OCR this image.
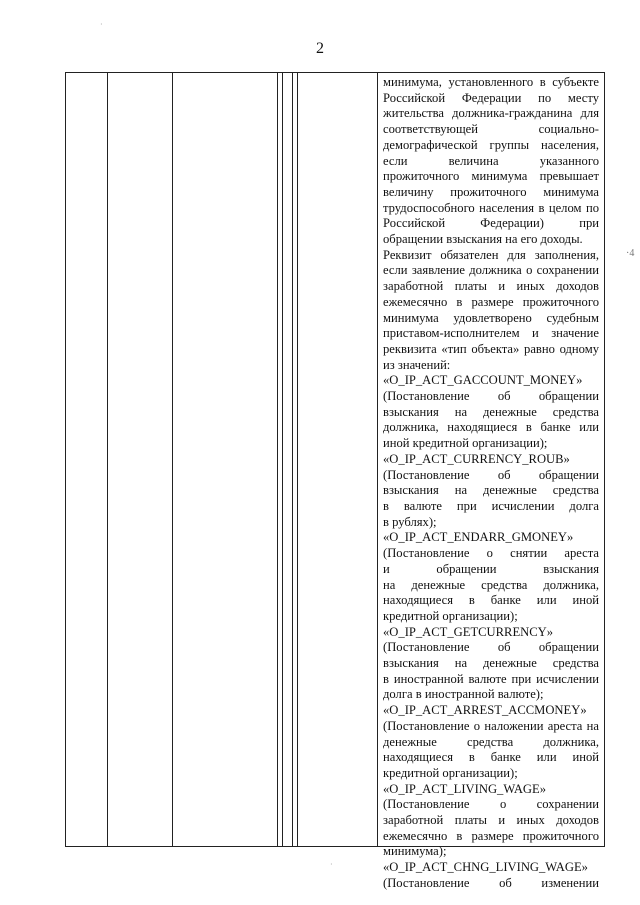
2

минимума, установленного в субъекте

Российской Федерации по месту

жительства должника-гражданина для

соответствующей социально-

демографической группы населения,

если величина указанного

прожиточного минимума превышает

величину прожиточного минимума

трудоспособного населения в целом по

Российской Федерации) при

обращении взыскания на его доходы.

Реквизит обязателен для заполнения,

если заявление должника о сохранении

заработной платы и иных доходов

ежемесячно в размере прожиточного

минимума удовлетворено судебным

приставом-исполнителем и значение

реквизита «тип объекта» равно одному

из значений:

«O_IP_ACT_GACCOUNT_MONEY»

(Постановление об обращении

взыскания на денежные средства

должника, находящиеся в банке или

иной кредитной организации);

«O_IP_ACT_CURRENCY_ROUB»

(Постановление об обращении

взыскания на денежные средства

в валюте при исчислении долга

в рублях);

«O_IP_ACT_ENDARR_GMONEY»

(Постановление о снятии ареста

и обращении взыскания

на денежные средства должника,

находящиеся в банке или иной

кредитной организации);

«O_IP_ACT_GETCURRENCY»

(Постановление об обращении

взыскания на денежные средства

в иностранной валюте при исчислении

долга в иностранной валюте);

«O_IP_ACT_ARREST_ACCMONEY»

(Постановление о наложении ареста на

денежные средства должника,

находящиеся в банке или иной

кредитной организации);

«O_IP_ACT_LIVING_WAGE»

(Постановление о сохранении

заработной платы и иных доходов

ежемесячно в размере прожиточного

минимума);

«O_IP_ACT_CHNG_LIVING_WAGE»

(Постановление об изменении

·4
·
·
